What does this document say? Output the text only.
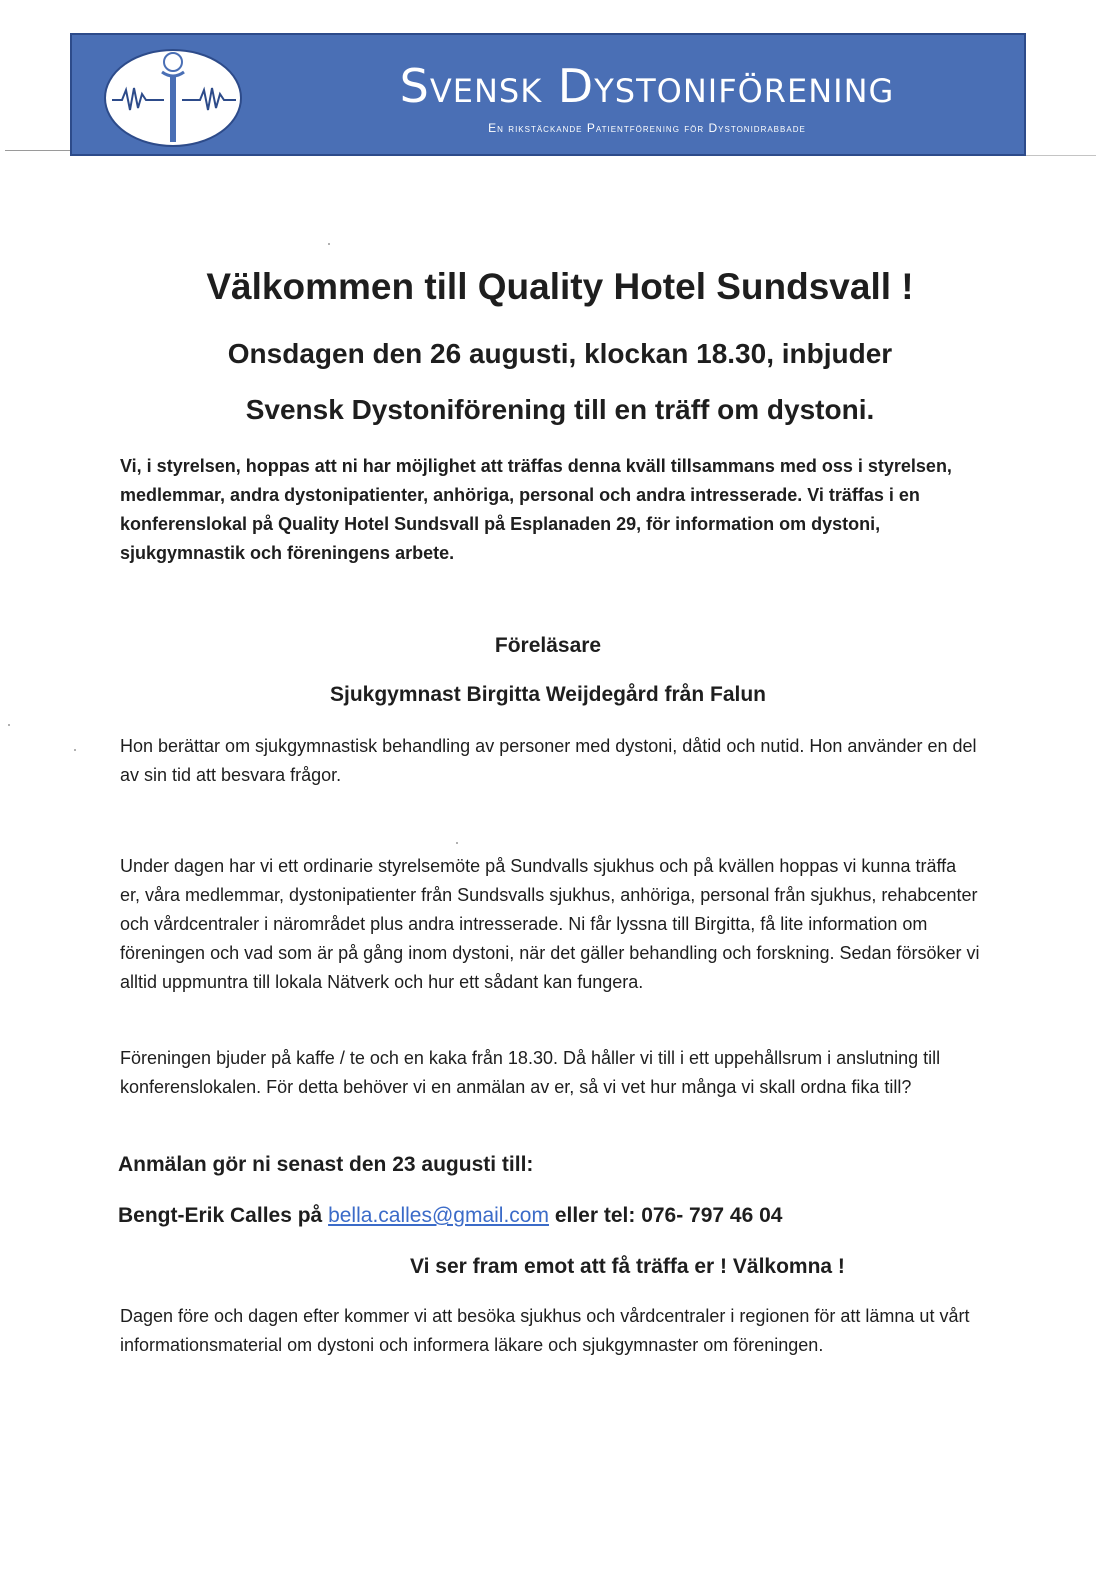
Svensk Dystoniförening
En rikstäckande Patientförening för Dystonidrabbade
Välkommen till Quality Hotel Sundsvall !
Onsdagen den 26 augusti, klockan 18.30, inbjuder
Svensk Dystoniförening till en träff om dystoni.

Vi, i styrelsen, hoppas att ni har möjlighet att träffas denna kväll tillsammans med oss i styrelsen, medlemmar, andra dystonipatienter, anhöriga, personal och andra intresserade. Vi träffas i en konferenslokal på Quality Hotel Sundsvall på Esplanaden 29, för information om dystoni, sjukgymnastik och föreningens arbete.

Föreläsare
Sjukgymnast Birgitta Weijdegård från Falun

Hon berättar om sjukgymnastisk behandling av personer med dystoni, dåtid och nutid. Hon använder en del av sin tid att besvara frågor.

Under dagen har vi ett ordinarie styrelsemöte på Sundvalls sjukhus och på kvällen hoppas vi kunna träffa er, våra medlemmar, dystonipatienter från Sundsvalls sjukhus, anhöriga, personal från sjukhus, rehabcenter och vårdcentraler i närområdet plus andra intresserade. Ni får lyssna till Birgitta, få lite information om föreningen och vad som är på gång inom dystoni, när det gäller behandling och forskning. Sedan försöker vi alltid uppmuntra till lokala Nätverk och hur ett sådant kan fungera.

Föreningen bjuder på kaffe / te och en kaka från 18.30. Då håller vi till i ett uppehållsrum i anslutning till konferenslokalen. För detta behöver vi en anmälan av er, så vi vet hur många vi skall ordna fika till?

Anmälan gör ni senast den 23 augusti till:

Bengt-Erik Calles på bella.calles@gmail.com eller tel: 076- 797 46 04

Vi ser fram emot att få träffa er ! Välkomna !

Dagen före och dagen efter kommer vi att besöka sjukhus och vårdcentraler i regionen för att lämna ut vårt informationsmaterial om dystoni och informera läkare och sjukgymnaster om föreningen.
